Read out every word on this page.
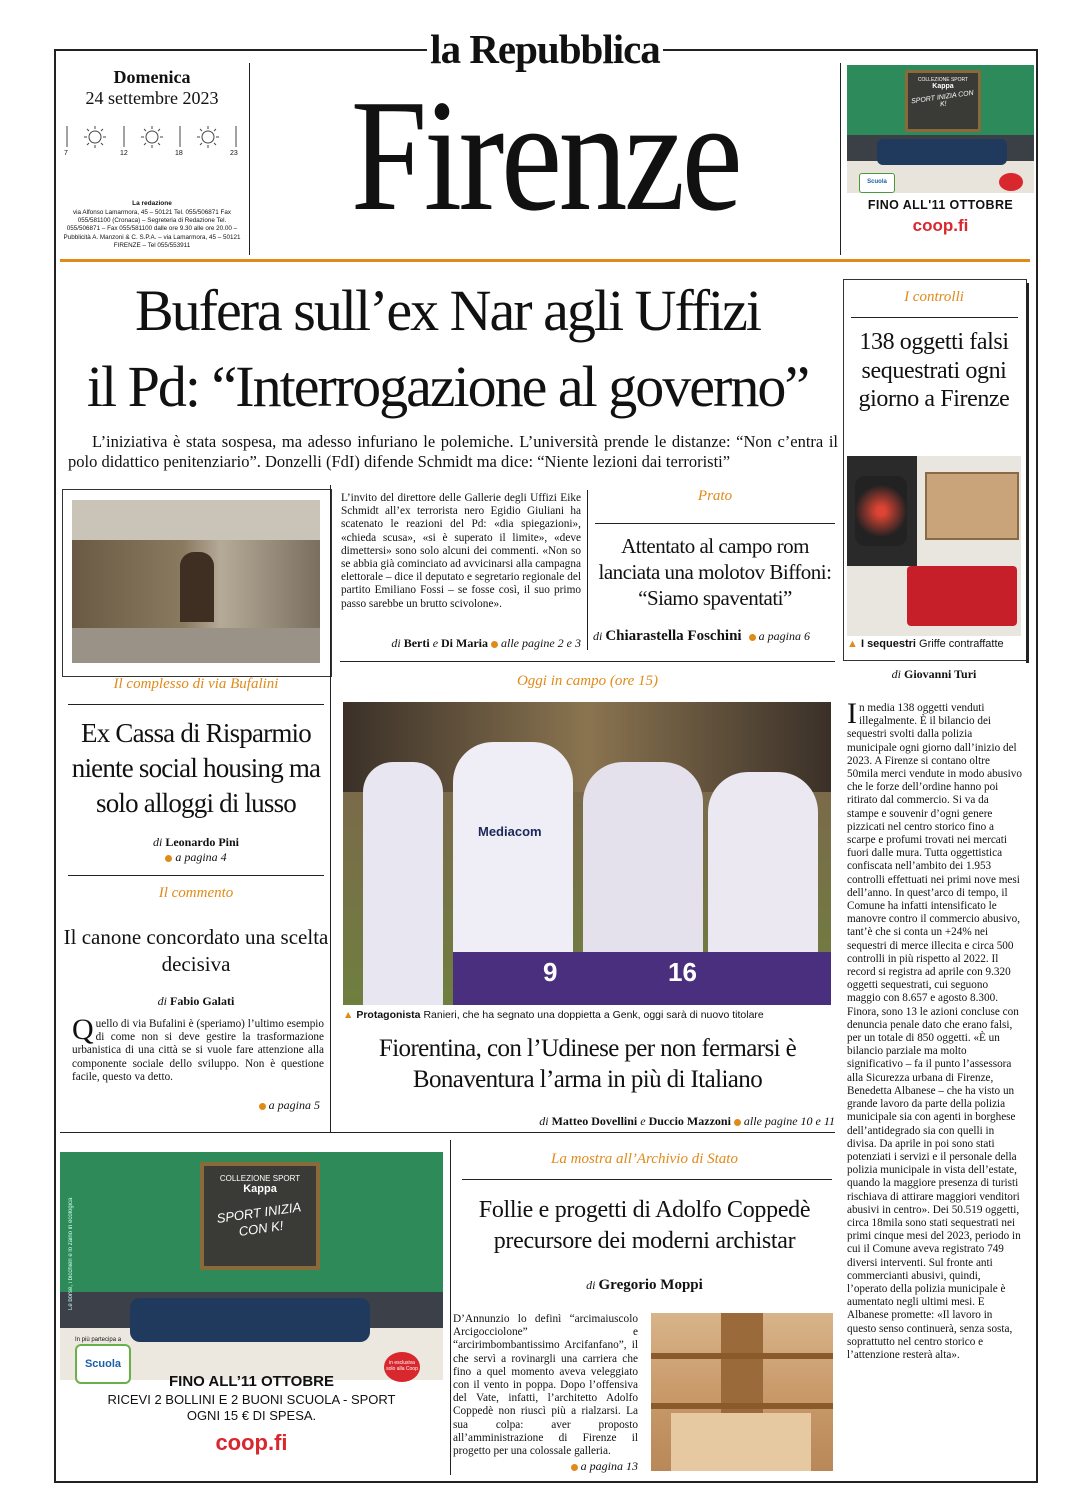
la Repubblica
Domenica
24 settembre 2023
7	12	18	23
La redazione
via Alfonso Lamarmora, 45 – 50121 Tel. 055/506871 Fax 055/581100 (Cronaca) – Segreteria di Redazione Tel. 055/506871 – Fax 055/581100 dalle ore 9.30 alle ore 20.00 – Pubblicità A. Manzoni & C. S.P.A. – via Lamarmora, 45 – 50121 FIRENZE – Tel 055/553911
Firenze	COLLEZIONE SPORT
Kappa
SPORT INIZIA CON K!
Scuola
FINO ALL'11 OTTOBRE
coop.fi
Bufera sull’ex Nar agli Uffizi
il Pd: “Interrogazione al governo”
L’iniziativa è stata sospesa, ma adesso infuriano le polemiche. L’università prende le distanze: “Non c’entra il polo didattico penitenziario”. Donzelli (FdI) difende Schmidt ma dice: “Niente lezioni dai terroristi”
L’invito del direttore delle Gallerie degli Uffizi Eike Schmidt all’ex terrorista nero Egidio Giuliani ha scatenato le reazioni del Pd: «dia spiegazioni», «chieda scusa», «si è superato il limite», «deve dimettersi» sono solo alcuni dei commenti. «Non so se abbia già cominciato ad avvicinarsi alla campagna elettorale – dice il deputato e segretario regionale del partito Emiliano Fossi – se fosse così, il suo primo passo sarebbe un brutto scivolone».
di Berti e Di Maria alle pagine 2 e 3
Prato
Attentato al campo rom lanciata una molotov Biffoni: “Siamo spaventati”
di Chiarastella Foschini a pagina 6
I controlli
138 oggetti falsi sequestrati ogni giorno a Firenze
▲ I sequestri Griffe contraffatte
di Giovanni Turi
In media 138 oggetti venduti illegalmente. È il bilancio dei sequestri svolti dalla polizia municipale ogni giorno dall’inizio del 2023. A Firenze si contano oltre 50mila merci vendute in modo abusivo che le forze dell’ordine hanno poi ritirato dal commercio. Si va da stampe e souvenir d’ogni genere pizzicati nel centro storico fino a scarpe e profumi trovati nei mercati fuori dalle mura. Tutta oggettistica confiscata nell’ambito dei 1.953 controlli effettuati nei primi nove mesi dell’anno. In quest’arco di tempo, il Comune ha infatti intensificato le manovre contro il commercio abusivo, tant’è che si conta un +24% nei sequestri di merce illecita e circa 500 controlli in più rispetto al 2022. Il record si registra ad aprile con 9.320 oggetti sequestrati, cui seguono maggio con 8.657 e agosto 8.300. Finora, sono 13 le azioni concluse con denuncia penale dato che erano falsi, per un totale di 850 oggetti. «È un bilancio parziale ma molto significativo – fa il punto l’assessora alla Sicurezza urbana di Firenze, Benedetta Albanese – che ha visto un grande lavoro da parte della polizia municipale sia con agenti in borghese dell’antidegrado sia con quelli in divisa. Da aprile in poi sono stati potenziati i servizi e il personale della polizia municipale in vista dell’estate, quando la maggiore presenza di turisti rischiava di attirare maggiori venditori abusivi in centro». Dei 50.519 oggetti, circa 18mila sono stati sequestrati nei primi cinque mesi del 2023, periodo in cui il Comune aveva registrato 749 diversi interventi. Sul fronte anti commercianti abusivi, quindi, l’operato della polizia municipale è aumentato negli ultimi mesi. E Albanese promette: «Il lavoro in questo senso continuerà, senza sosta, soprattutto nel centro storico e l’attenzione resterà alta».
Il complesso di via Bufalini
Ex Cassa di Risparmio niente social housing ma solo alloggi di lusso
di Leonardo Pini
a pagina 4
Il commento
Il canone concordato una scelta decisiva
di Fabio Galati
Quello di via Bufalini è (speriamo) l’ultimo esempio di come non si deve gestire la trasformazione urbanistica di una città se si vuole fare attenzione alla componente sociale dello sviluppo. Non è questione facile, questo va detto.
a pagina 5
Oggi in campo (ore 15)
Mediacom
9	16
▲ Protagonista Ranieri, che ha segnato una doppietta a Genk, oggi sarà di nuovo titolare
Fiorentina, con l’Udinese per non fermarsi è Bonaventura l’arma in più di Italiano
di Matteo Dovellini e Duccio Mazzoni alle pagine 10 e 11
COLLEZIONE SPORT
Kappa
SPORT INIZIA CON K!
Le borse, i bicchieri e lo zaino in ecologica
In più partecipa a
Scuola	in esclusiva solo alla Coop
FINO ALL’11 OTTOBRE
RICEVI 2 BOLLINI E 2 BUONI SCUOLA - SPORT
OGNI 15 € DI SPESA.
coop.fi
La mostra all’Archivio di Stato
Follie e progetti di Adolfo Coppedè precursore dei moderni archistar
di Gregorio Moppi
D’Annunzio lo definì “arcimaiuscolo Arcigocciolone” e “arcirimbombantissimo Arcifanfano”, il che servì a rovinargli una carriera che fino a quel momento aveva veleggiato con il vento in poppa. Dopo l’offensiva del Vate, infatti, l’architetto Adolfo Coppedè non riuscì più a rialzarsi. La sua colpa: aver proposto all’amministrazione di Firenze il progetto per una colossale galleria.
a pagina 13
